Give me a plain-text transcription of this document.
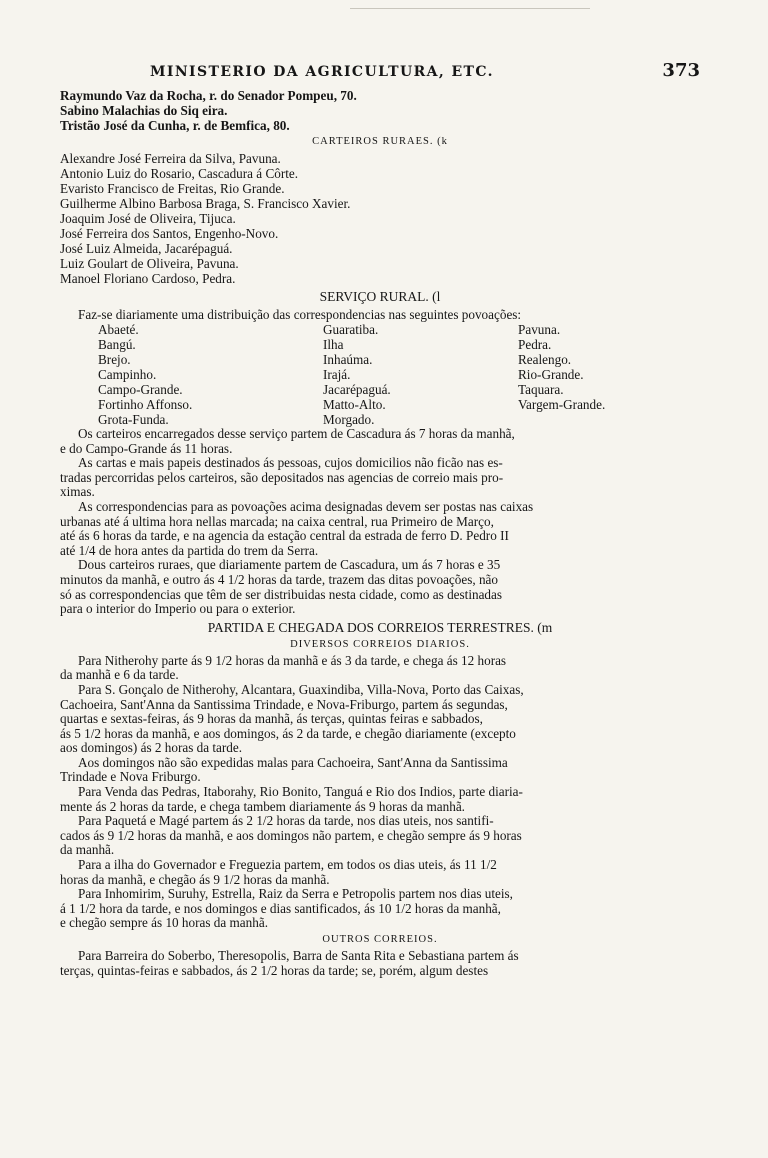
MINISTERIO DA AGRICULTURA, ETC.	373
Raymundo Vaz da Rocha, r. do Senador Pompeu, 70.
Sabino Malachias do Siq eira.
Tristão José da Cunha, r. de Bemfica, 80.
CARTEIROS RURAES. (k
Alexandre José Ferreira da Silva, Pavuna.
Antonio Luiz do Rosario, Cascadura á Côrte.
Evaristo Francisco de Freitas, Rio Grande.
Guilherme Albino Barbosa Braga, S. Francisco Xavier.
Joaquim José de Oliveira, Tijuca.
José Ferreira dos Santos, Engenho-Novo.
José Luiz Almeida, Jacarépaguá.
Luiz Goulart de Oliveira, Pavuna.
Manoel Floriano Cardoso, Pedra.
SERVIÇO RURAL. (l
Faz-se diariamente uma distribuição das correspondencias nas seguintes povoações:
Abaeté.	Guaratiba.	Pavuna.
Bangú.	Ilha	Pedra.
Brejo.	Inhaúma.	Realengo.
Campinho.	Irajá.	Rio-Grande.
Campo-Grande.	Jacarépaguá.	Taquara.
Fortinho Affonso.	Matto-Alto.	Vargem-Grande.
Grota-Funda.	Morgado.
Os carteiros encarregados desse serviço partem de Cascadura ás 7 horas da manhã,
e do Campo-Grande ás 11 horas.
As cartas e mais papeis destinados ás pessoas, cujos domicilios não ficão nas es-
tradas percorridas pelos carteiros, são depositados nas agencias de correio mais pro-
ximas.
As correspondencias para as povoações acima designadas devem ser postas nas caixas
urbanas até á ultima hora nellas marcada; na caixa central, rua Primeiro de Março,
até ás 6 horas da tarde, e na agencia da estação central da estrada de ferro D. Pedro II
até 1/4 de hora antes da partida do trem da Serra.
Dous carteiros ruraes, que diariamente partem de Cascadura, um ás 7 horas e 35
minutos da manhã, e outro ás 4 1/2 horas da tarde, trazem das ditas povoações, não
só as correspondencias que têm de ser distribuidas nesta cidade, como as destinadas
para o interior do Imperio ou para o exterior.
PARTIDA E CHEGADA DOS CORREIOS TERRESTRES. (m
DIVERSOS CORREIOS DIARIOS.
Para Nitherohy parte ás 9 1/2 horas da manhã e ás 3 da tarde, e chega ás 12 horas
da manhã e 6 da tarde.
Para S. Gonçalo de Nitherohy, Alcantara, Guaxindiba, Villa-Nova, Porto das Caixas,
Cachoeira, Sant'Anna da Santissima Trindade, e Nova-Friburgo, partem ás segundas,
quartas e sextas-feiras, ás 9 horas da manhã, ás terças, quintas feiras e sabbados,
ás 5 1/2 horas da manhã, e aos domingos, ás 2 da tarde, e chegão diariamente (excepto
aos domingos) ás 2 horas da tarde.
Aos domingos não são expedidas malas para Cachoeira, Sant'Anna da Santissima
Trindade e Nova Friburgo.
Para Venda das Pedras, Itaborahy, Rio Bonito, Tanguá e Rio dos Indios, parte diaria-
mente ás 2 horas da tarde, e chega tambem diariamente ás 9 horas da manhã.
Para Paquetá e Magé partem ás 2 1/2 horas da tarde, nos dias uteis, nos santifi-
cados ás 9 1/2 horas da manhã, e aos domingos não partem, e chegão sempre ás 9 horas
da manhã.
Para a ilha do Governador e Freguezia partem, em todos os dias uteis, ás 11 1/2
horas da manhã, e chegão ás 9 1/2 horas da manhã.
Para Inhomirim, Suruhy, Estrella, Raiz da Serra e Petropolis partem nos dias uteis,
á 1 1/2 hora da tarde, e nos domingos e dias santificados, ás 10 1/2 horas da manhã,
e chegão sempre ás 10 horas da manhã.
OUTROS CORREIOS.
Para Barreira do Soberbo, Theresopolis, Barra de Santa Rita e Sebastiana partem ás
terças, quintas-feiras e sabbados, ás 2 1/2 horas da tarde; se, porém, algum destes
